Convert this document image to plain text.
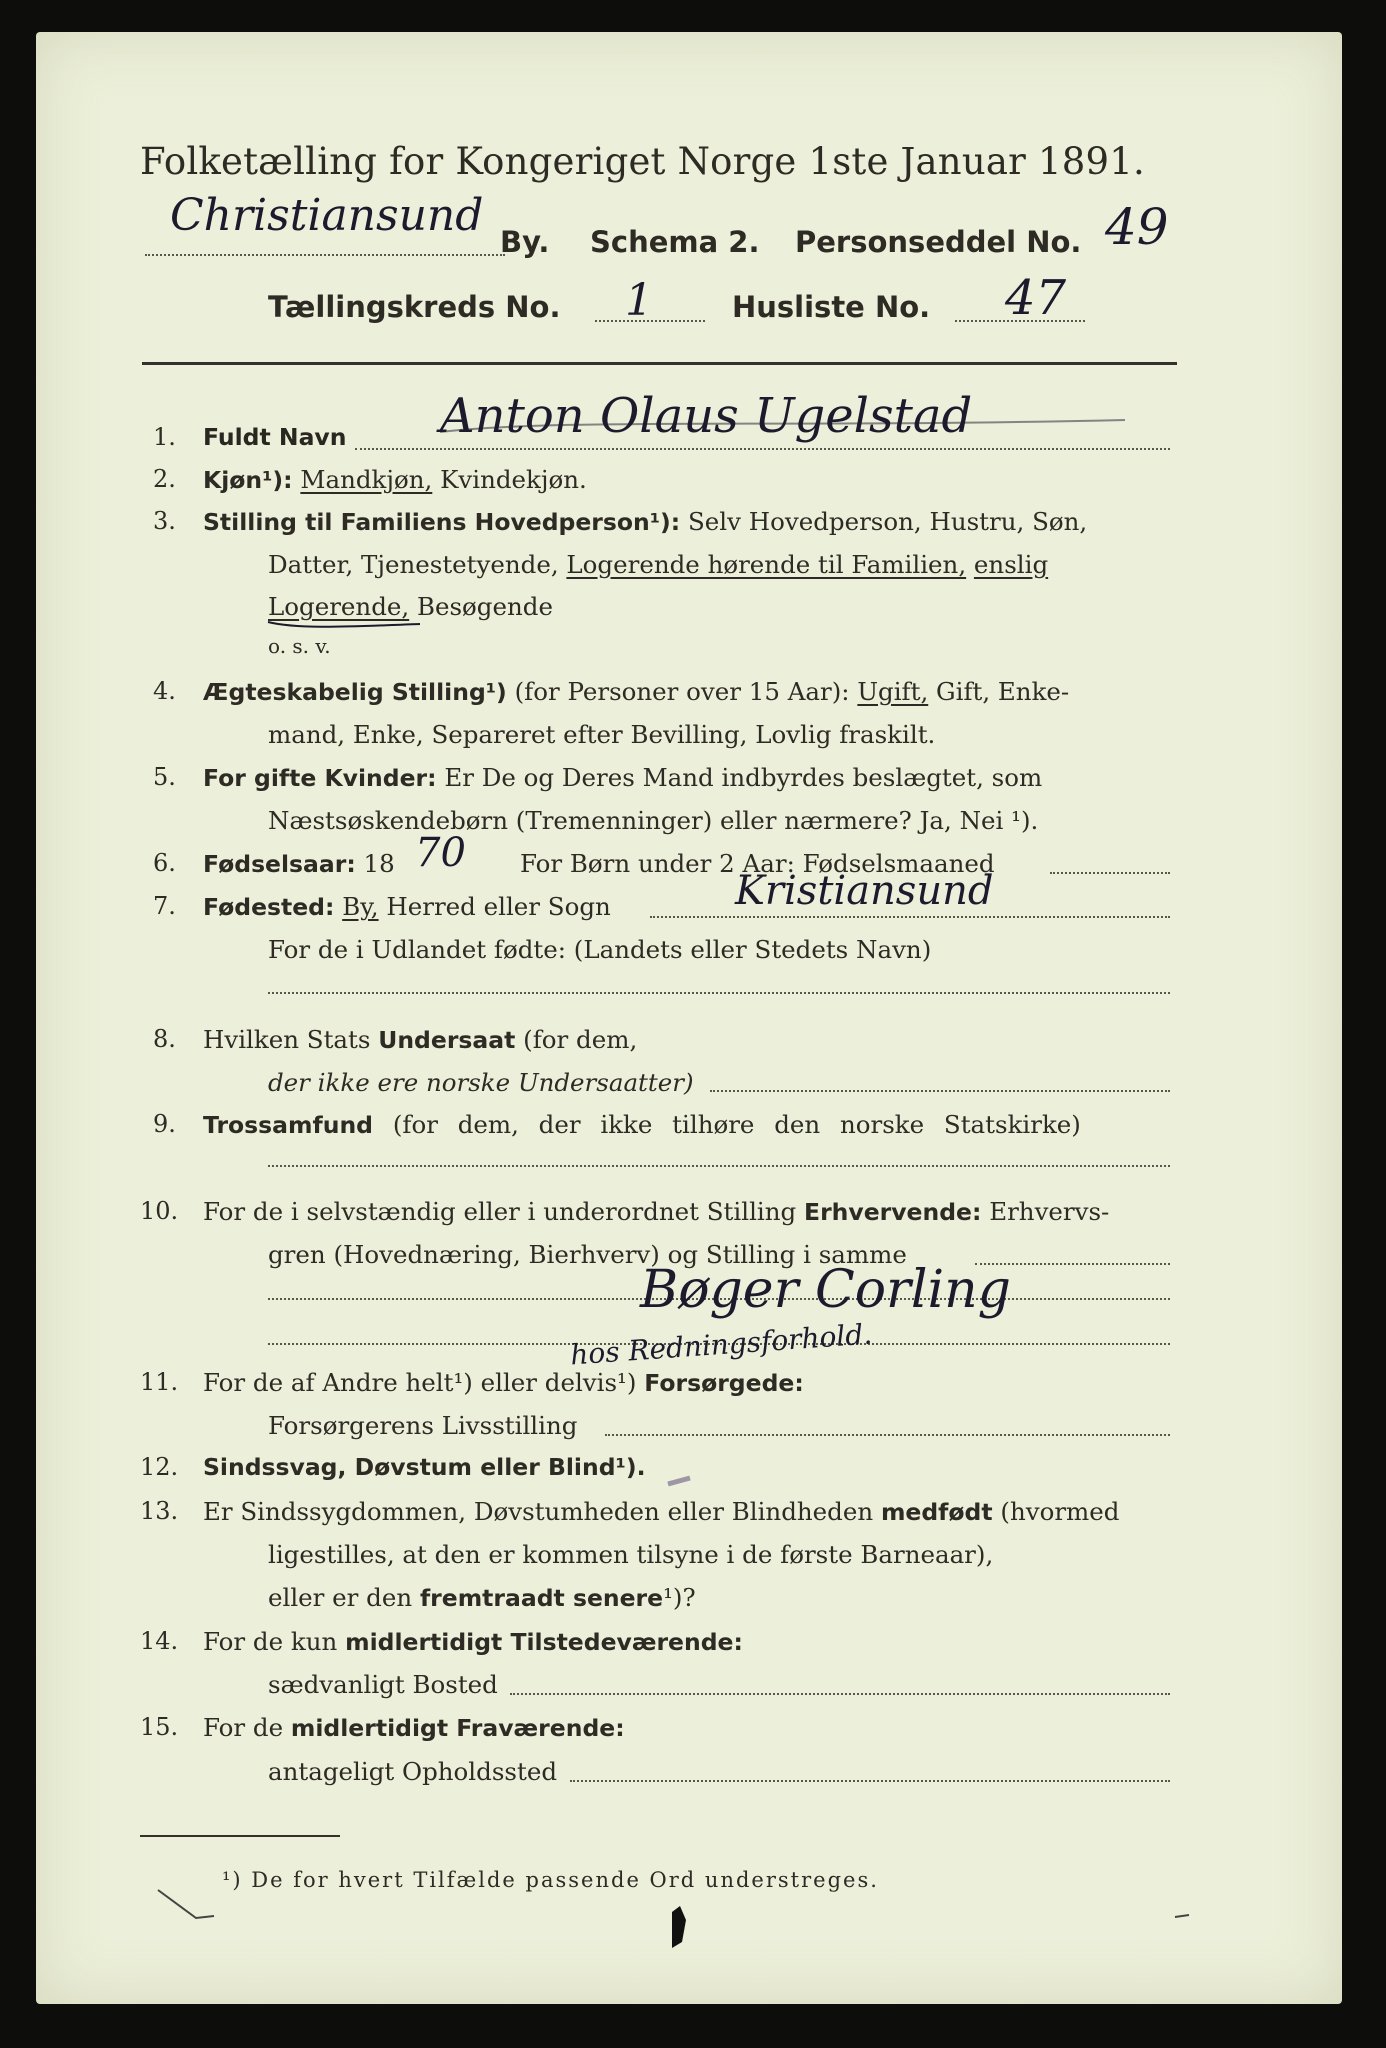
Folketælling for Kongeriget Norge 1ste Januar 1891.
Christiansund
By. Schema 2. Personseddel No. 49
Tællingskreds No. 1	Husliste No. 47
1. Fuldt Navn Anton Olaus Ugelstad
2. Kjøn¹): Mandkjøn, Kvindekjøn.
3. Stilling til Familiens Hovedperson¹): Selv Hovedperson, Hustru, Søn,
Datter, Tjenestetyende, Logerende hørende til Familien, enslig
Logerende, Besøgende
o. s. v.
4. Ægteskabelig Stilling¹) (for Personer over 15 Aar): Ugift, Gift, Enke-
mand, Enke, Separeret efter Bevilling, Lovlig fraskilt.
5. For gifte Kvinder: Er De og Deres Mand indbyrdes beslægtet, som
Næstsøskendebørn (Tremenninger) eller nærmere? Ja, Nei ¹).
6. Fødselsaar: 18 70 For Børn under 2 Aar: Fødselsmaaned
7. Fødested: By, Herred eller Sogn	Kristiansund
For de i Udlandet fødte: (Landets eller Stedets Navn)
8. Hvilken Stats Undersaat (for dem,
der ikke ere norske Undersaatter)
9. Trossamfund (for dem, der ikke tilhøre den norske Statskirke)
10. For de i selvstændig eller i underordnet Stilling Erhvervende: Erhvervs-
gren (Hovednæring, Bierhverv) og Stilling i samme
Bøger Corling
hos Redningsforhold.
11. For de af Andre helt¹) eller delvis¹) Forsørgede:
Forsørgerens Livsstilling
12. Sindssvag, Døvstum eller Blind¹).
13. Er Sindssygdommen, Døvstumheden eller Blindheden medfødt (hvormed
ligestilles, at den er kommen tilsyne i de første Barneaar),
eller er den fremtraadt senere¹)?
14. For de kun midlertidigt Tilstedeværende:
sædvanligt Bosted
15. For de midlertidigt Fraværende:
antageligt Opholdssted
¹) De for hvert Tilfælde passende Ord understreges.
